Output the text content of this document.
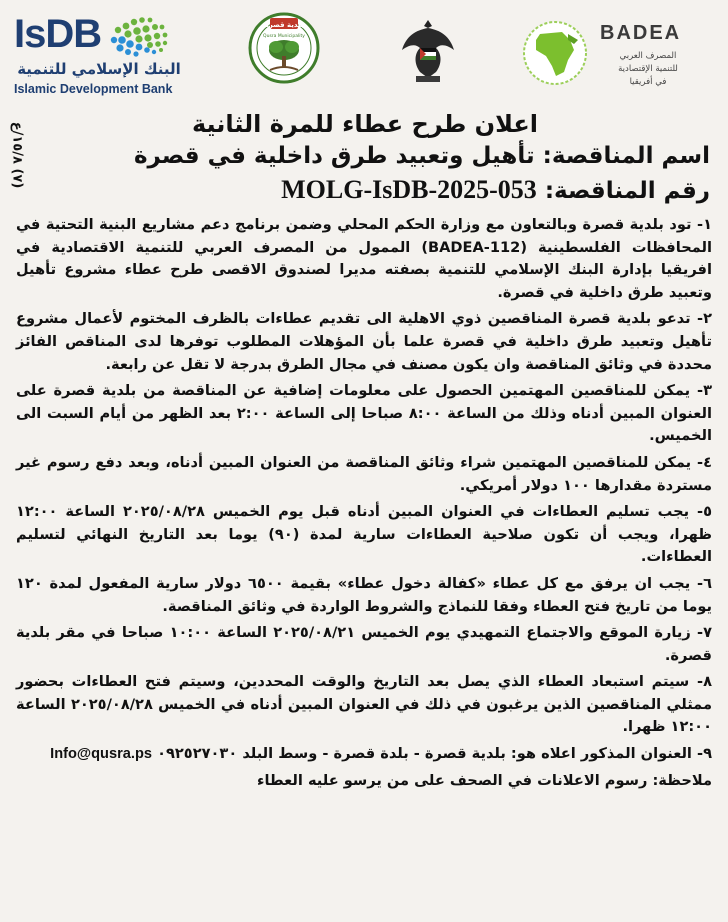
IsDB
البنك الإسلامي للتنمية
Islamic Development Bank
بلدية قصرة
Qusra Municipality	BADEA
المصرف العربي
للتنمية الإقتصادية
في أفريقيا
(٧) ١٥/٨/ع
اعلان طرح عطاء للمرة الثانية
اسم المناقصة: تأهيل وتعبيد طرق داخلية في قصرة
رقم المناقصة: MOLG-IsDB-2025-053

١- تود بلدية قصرة وبالتعاون مع وزارة الحكم المحلي وضمن برنامج دعم مشاريع البنية التحتية في المحافظات الفلسطينية (BADEA-112) الممول من المصرف العربي للتنمية الاقتصادية في افريقيا بإدارة البنك الإسلامي للتنمية بصفته مديرا لصندوق الاقصى طرح عطاء مشروع تأهيل وتعبيد طرق داخلية في قصرة.

٢- تدعو بلدية قصرة المناقصين ذوي الاهلية الى تقديم عطاءات بالظرف المختوم لأعمال مشروع تأهيل وتعبيد طرق داخلية في قصرة علما بأن المؤهلات المطلوب توفرها لدى المناقص الفائز محددة في وثائق المناقصة وان يكون مصنف في مجال الطرق بدرجة لا تقل عن رابعة.

٣- يمكن للمناقصين المهتمين الحصول على معلومات إضافية عن المناقصة من بلدية قصرة على العنوان المبين أدناه وذلك من الساعة ٨:٠٠ صباحا إلى الساعة ٢:٠٠ بعد الظهر من أيام السبت الى الخميس.

٤- يمكن للمناقصين المهتمين شراء وثائق المناقصة من العنوان المبين أدناه، وبعد دفع رسوم غير مستردة مقدارها ١٠٠ دولار أمريكي.

٥- يجب تسليم العطاءات في العنوان المبين أدناه قبل يوم الخميس ٢٠٢٥/٠٨/٢٨ الساعة ١٢:٠٠ ظهرا، ويجب أن تكون صلاحية العطاءات سارية لمدة (٩٠) يوما بعد التاريخ النهائي لتسليم العطاءات.

٦- يجب ان يرفق مع كل عطاء «كفالة دخول عطاء» بقيمة ٦٥٠٠ دولار سارية المفعول لمدة ١٢٠ يوما من تاريخ فتح العطاء وفقا للنماذج والشروط الواردة في وثائق المناقصة.

٧- زيارة الموقع والاجتماع التمهيدي يوم الخميس ٢٠٢٥/٠٨/٢١ الساعة ١٠:٠٠ صباحا في مقر بلدية قصرة.

٨- سيتم استبعاد العطاء الذي يصل بعد التاريخ والوقت المحددين، وسيتم فتح العطاءات بحضور ممثلي المناقصين الذين يرغبون في ذلك في العنوان المبين أدناه في الخميس ٢٠٢٥/٠٨/٢٨ الساعة ١٢:٠٠ ظهرا.

٩- العنوان المذكور اعلاه هو: بلدية قصرة - بلدة قصرة - وسط البلد ٠٩٢٥٢٧٠٣٠ Info@qusra.ps

ملاحظة: رسوم الاعلانات في الصحف على من يرسو عليه العطاء
